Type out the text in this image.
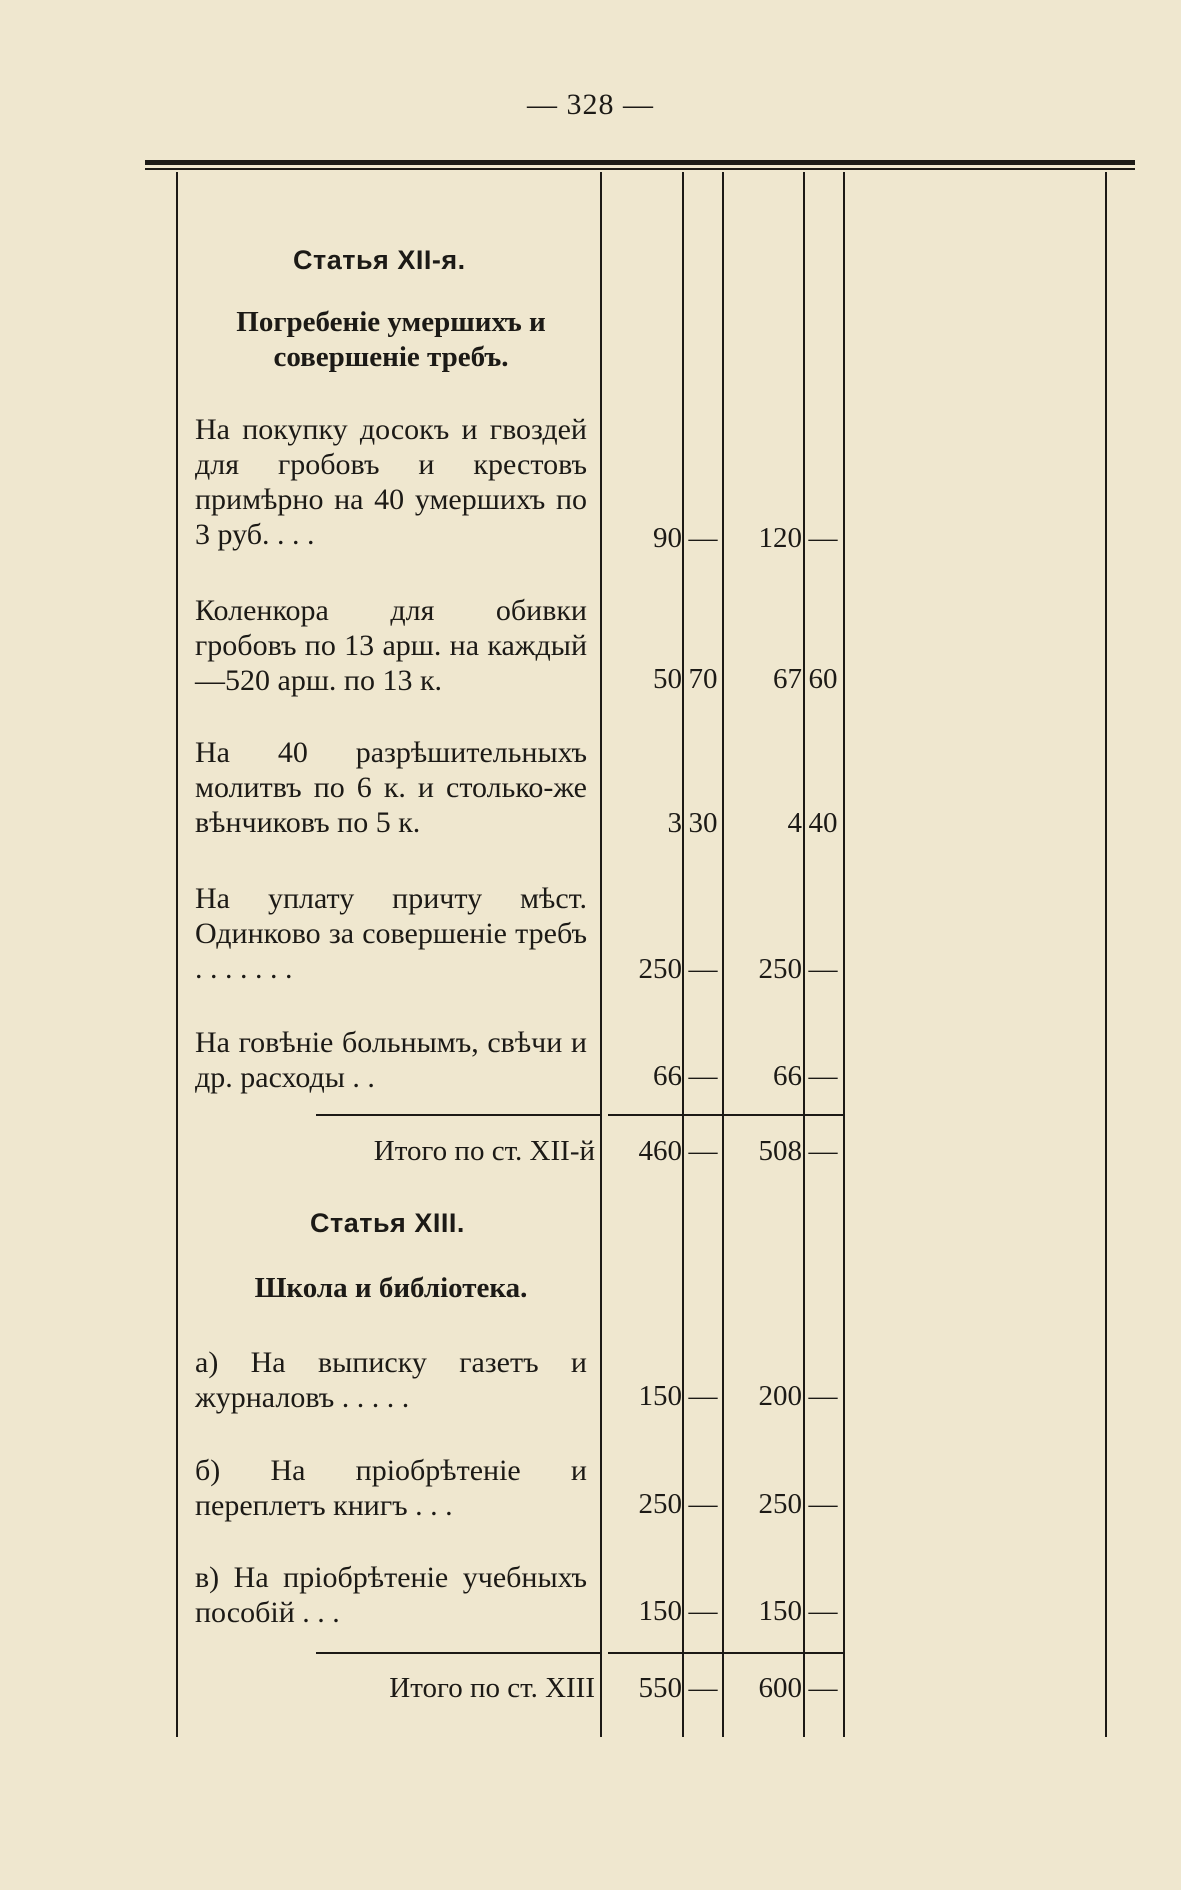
— 328 —
Статья XII-я.
Погребеніе умершихъ и совершеніе требъ.
На покупку досокъ и гвоздей для гробовъ и крестовъ примѣрно на 40 умершихъ по 3 руб. . . .	90 —	120 —
Коленкора для обивки гробовъ по 13 арш. на каждый—520 арш. по 13 к.	50 70	67 60
На 40 разрѣшительныхъ молитвъ по 6 к. и столько-же вѣнчиковъ по 5 к.	3 30	4 40
На уплату причту мѣст. Одинково за совершеніе требъ . . . . . . .	250 —	250 —
На говѣніе больнымъ, свѣчи и др. расходы . .	66 —	66 —
Итого по ст. XII-й	460 —	508 —
Статья XIII.
Школа и библіотека.
а) На выписку газетъ и журналовъ . . . . .	150 —	200 —
б) На пріобрѣтеніе и переплетъ книгъ . . .	250 —	250 —
в) На пріобрѣтеніе учебныхъ пособій . . .	150 —	150 —
Итого по ст. XIII	550 —	600 —
